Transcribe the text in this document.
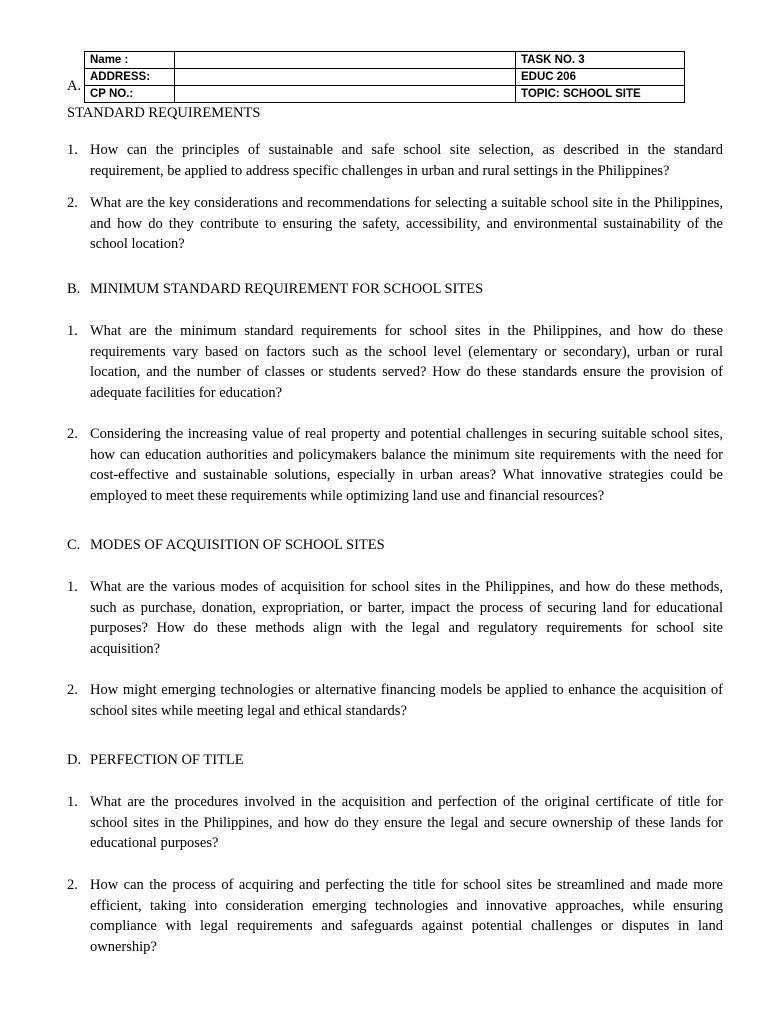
Name :		TASK NO. 3
ADDRESS:		EDUC 206
CP NO.:		TOPIC: SCHOOL SITE
A.
STANDARD REQUIREMENTS
1. How can the principles of sustainable and safe school site selection, as described in the standard requirement, be applied to address specific challenges in urban and rural settings in the Philippines?
2. What are the key considerations and recommendations for selecting a suitable school site in the Philippines, and how do they contribute to ensuring the safety, accessibility, and environmental sustainability of the school location?
B. MINIMUM STANDARD REQUIREMENT FOR SCHOOL SITES
1. What are the minimum standard requirements for school sites in the Philippines, and how do these requirements vary based on factors such as the school level (elementary or secondary), urban or rural location, and the number of classes or students served? How do these standards ensure the provision of adequate facilities for education?
2. Considering the increasing value of real property and potential challenges in securing suitable school sites, how can education authorities and policymakers balance the minimum site requirements with the need for cost-effective and sustainable solutions, especially in urban areas? What innovative strategies could be employed to meet these requirements while optimizing land use and financial resources?
C. MODES OF ACQUISITION OF SCHOOL SITES
1. What are the various modes of acquisition for school sites in the Philippines, and how do these methods, such as purchase, donation, expropriation, or barter, impact the process of securing land for educational purposes? How do these methods align with the legal and regulatory requirements for school site acquisition?
2. How might emerging technologies or alternative financing models be applied to enhance the acquisition of school sites while meeting legal and ethical standards?
D. PERFECTION OF TITLE
1. What are the procedures involved in the acquisition and perfection of the original certificate of title for school sites in the Philippines, and how do they ensure the legal and secure ownership of these lands for educational purposes?
2. How can the process of acquiring and perfecting the title for school sites be streamlined and made more efficient, taking into consideration emerging technologies and innovative approaches, while ensuring compliance with legal requirements and safeguards against potential challenges or disputes in land ownership?
